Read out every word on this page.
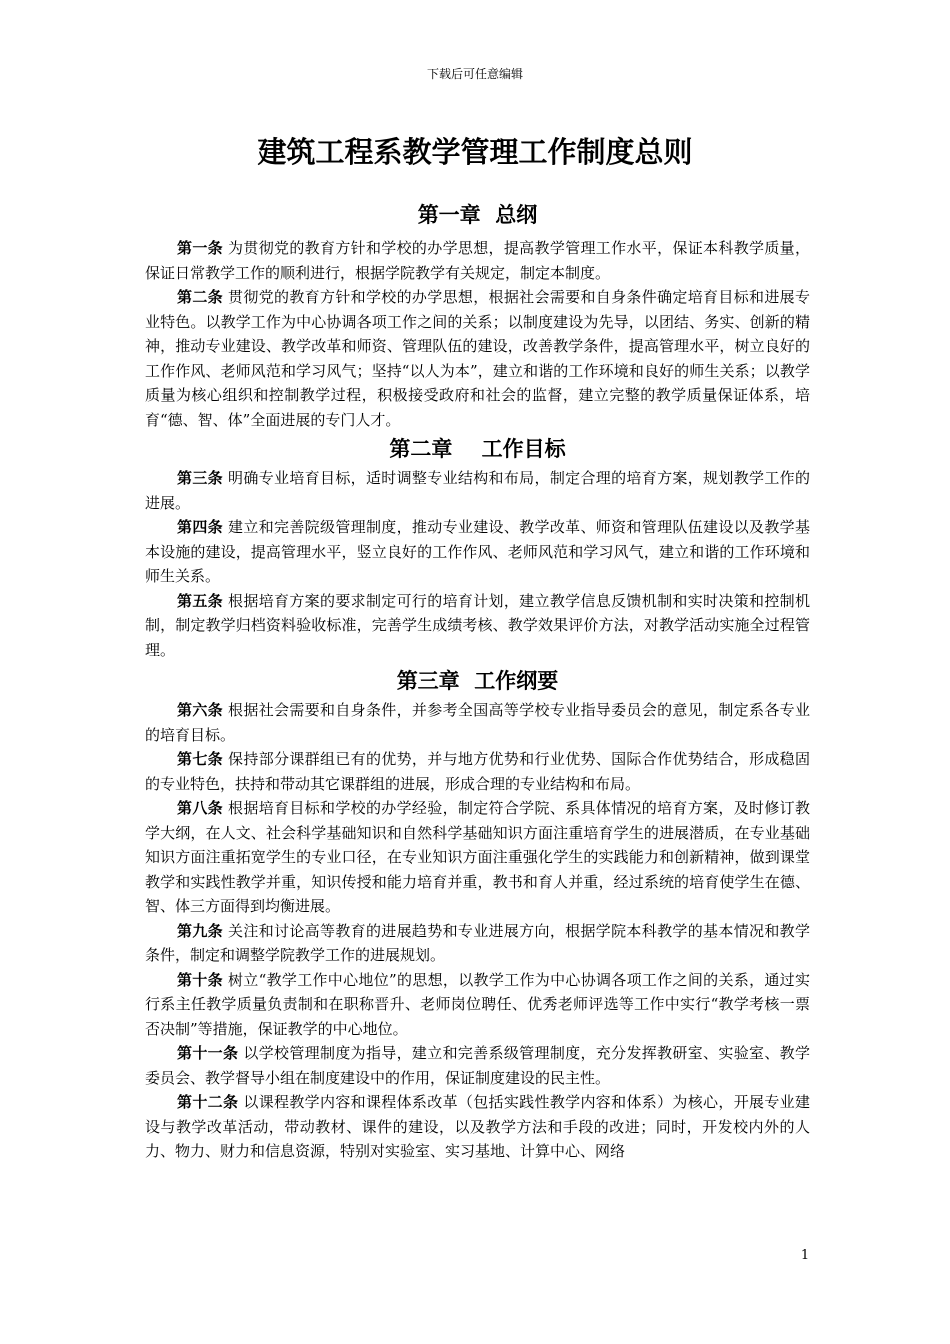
下载后可任意编辑
建筑工程系教学管理工作制度总则
第一章  总纲

第一条 为贯彻党的教育方针和学校的办学思想，提高教学管理工作水平，保证本科教学质量，保证日常教学工作的顺利进行，根据学院教学有关规定，制定本制度。

第二条 贯彻党的教育方针和学校的办学思想，根据社会需要和自身条件确定培育目标和进展专业特色。以教学工作为中心协调各项工作之间的关系；以制度建设为先导，以团结、务实、创新的精神，推动专业建设、教学改革和师资、管理队伍的建设，改善教学条件，提高管理水平，树立良好的工作作风、老师风范和学习风气；坚持“以人为本”，建立和谐的工作环境和良好的师生关系；以教学质量为核心组织和控制教学过程，积极接受政府和社会的监督，建立完整的教学质量保证体系，培育“德、智、体”全面进展的专门人才。

第二章    工作目标

第三条 明确专业培育目标，适时调整专业结构和布局，制定合理的培育方案，规划教学工作的进展。

第四条 建立和完善院级管理制度，推动专业建设、教学改革、师资和管理队伍建设以及教学基本设施的建设，提高管理水平，竖立良好的工作作风、老师风范和学习风气，建立和谐的工作环境和师生关系。

第五条 根据培育方案的要求制定可行的培育计划，建立教学信息反馈机制和实时决策和控制机制，制定教学归档资料验收标准，完善学生成绩考核、教学效果评价方法，对教学活动实施全过程管理。

第三章  工作纲要

第六条 根据社会需要和自身条件，并参考全国高等学校专业指导委员会的意见，制定系各专业的培育目标。

第七条 保持部分课群组已有的优势，并与地方优势和行业优势、国际合作优势结合，形成稳固的专业特色，扶持和带动其它课群组的进展，形成合理的专业结构和布局。

第八条 根据培育目标和学校的办学经验，制定符合学院、系具体情况的培育方案，及时修订教学大纲，在人文、社会科学基础知识和自然科学基础知识方面注重培育学生的进展潜质，在专业基础知识方面注重拓宽学生的专业口径，在专业知识方面注重强化学生的实践能力和创新精神，做到课堂教学和实践性教学并重，知识传授和能力培育并重，教书和育人并重，经过系统的培育使学生在德、智、体三方面得到均衡进展。

第九条 关注和讨论高等教育的进展趋势和专业进展方向，根据学院本科教学的基本情况和教学条件，制定和调整学院教学工作的进展规划。

第十条 树立“教学工作中心地位”的思想，以教学工作为中心协调各项工作之间的关系，通过实行系主任教学质量负责制和在职称晋升、老师岗位聘任、优秀老师评选等工作中实行“教学考核一票否决制”等措施，保证教学的中心地位。

第十一条 以学校管理制度为指导，建立和完善系级管理制度，充分发挥教研室、实验室、教学委员会、教学督导小组在制度建设中的作用，保证制度建设的民主性。

第十二条 以课程教学内容和课程体系改革（包括实践性教学内容和体系）为核心，开展专业建设与教学改革活动，带动教材、课件的建设，以及教学方法和手段的改进；同时，开发校内外的人力、物力、财力和信息资源，特别对实验室、实习基地、计算中心、网络

1
